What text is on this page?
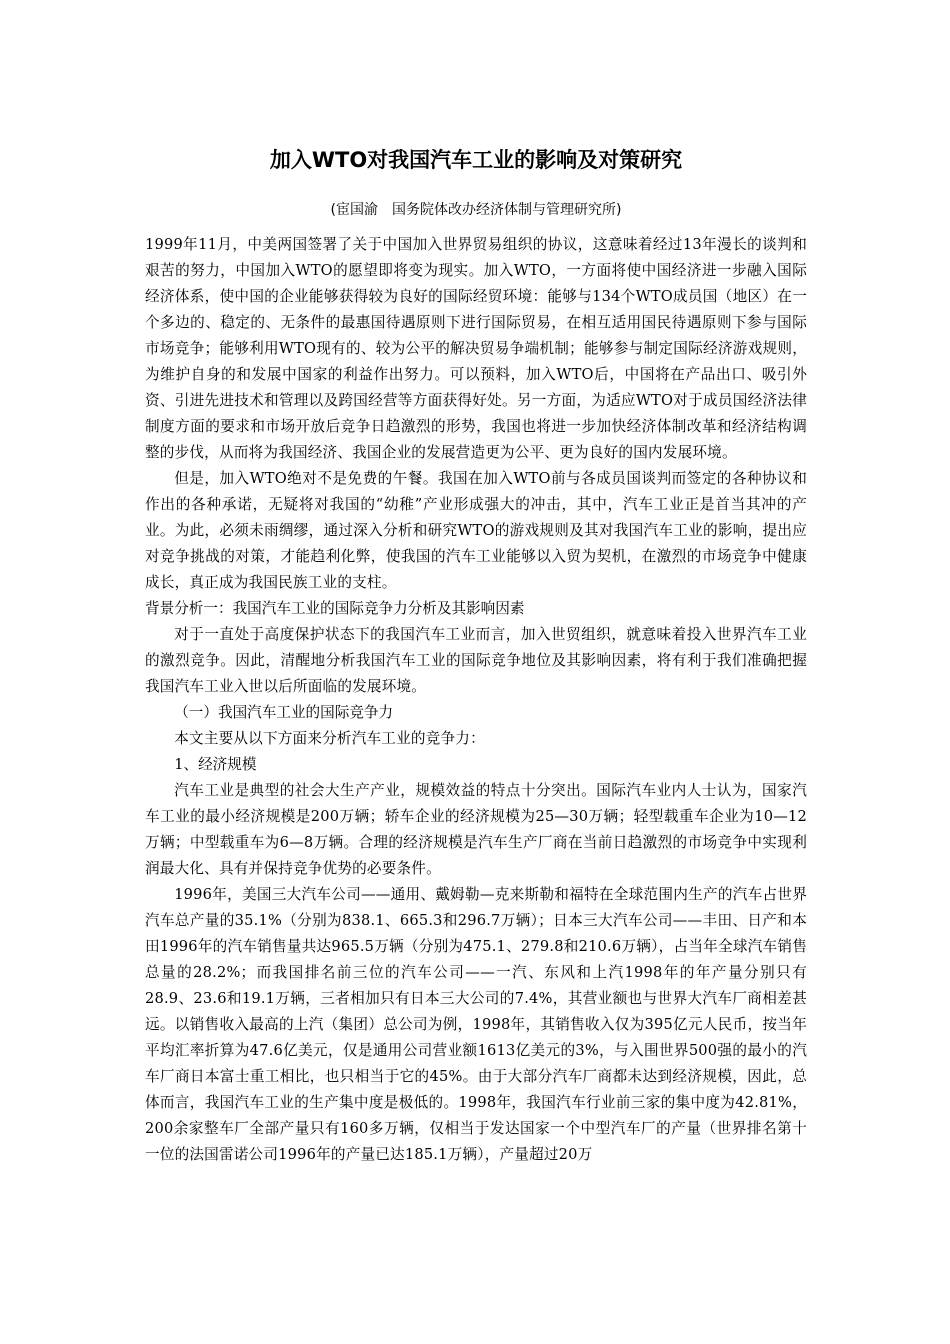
加入WTO对我国汽车工业的影响及对策研究
(宦国渝　国务院体改办经济体制与管理研究所)

1999年11月，中美两国签署了关于中国加入世界贸易组织的协议，这意味着经过13年漫长的谈判和艰苦的努力，中国加入WTO的愿望即将变为现实。加入WTO，一方面将使中国经济进一步融入国际经济体系，使中国的企业能够获得较为良好的国际经贸环境：能够与134个WTO成员国（地区）在一个多边的、稳定的、无条件的最惠国待遇原则下进行国际贸易，在相互适用国民待遇原则下参与国际市场竞争；能够利用WTO现有的、较为公平的解决贸易争端机制；能够参与制定国际经济游戏规则，为维护自身的和发展中国家的利益作出努力。可以预料，加入WTO后，中国将在产品出口、吸引外资、引进先进技术和管理以及跨国经营等方面获得好处。另一方面，为适应WTO对于成员国经济法律制度方面的要求和市场开放后竞争日趋激烈的形势，我国也将进一步加快经济体制改革和经济结构调整的步伐，从而将为我国经济、我国企业的发展营造更为公平、更为良好的国内发展环境。

但是，加入WTO绝对不是免费的午餐。我国在加入WTO前与各成员国谈判而签定的各种协议和作出的各种承诺，无疑将对我国的“幼稚”产业形成强大的冲击，其中，汽车工业正是首当其冲的产业。为此，必须未雨绸缪，通过深入分析和研究WTO的游戏规则及其对我国汽车工业的影响，提出应对竞争挑战的对策，才能趋利化弊，使我国的汽车工业能够以入贸为契机，在激烈的市场竞争中健康成长，真正成为我国民族工业的支柱。

背景分析一：我国汽车工业的国际竞争力分析及其影响因素

对于一直处于高度保护状态下的我国汽车工业而言，加入世贸组织，就意味着投入世界汽车工业的激烈竞争。因此，清醒地分析我国汽车工业的国际竞争地位及其影响因素，将有利于我们准确把握我国汽车工业入世以后所面临的发展环境。

（一）我国汽车工业的国际竞争力

本文主要从以下方面来分析汽车工业的竞争力：

1、经济规模

汽车工业是典型的社会大生产产业，规模效益的特点十分突出。国际汽车业内人士认为，国家汽车工业的最小经济规模是200万辆；轿车企业的经济规模为25—30万辆；轻型载重车企业为10—12万辆；中型载重车为6—8万辆。合理的经济规模是汽车生产厂商在当前日趋激烈的市场竞争中实现利润最大化、具有并保持竞争优势的必要条件。

1996年，美国三大汽车公司——通用、戴姆勒—克来斯勒和福特在全球范围内生产的汽车占世界汽车总产量的35.1%（分别为838.1、665.3和296.7万辆）；日本三大汽车公司——丰田、日产和本田1996年的汽车销售量共达965.5万辆（分别为475.1、279.8和210.6万辆），占当年全球汽车销售总量的28.2%；而我国排名前三位的汽车公司——一汽、东风和上汽1998年的年产量分别只有28.9、23.6和19.1万辆，三者相加只有日本三大公司的7.4%，其营业额也与世界大汽车厂商相差甚远。以销售收入最高的上汽（集团）总公司为例，1998年，其销售收入仅为395亿元人民币，按当年平均汇率折算为47.6亿美元，仅是通用公司营业额1613亿美元的3%，与入围世界500强的最小的汽车厂商日本富士重工相比，也只相当于它的45%。由于大部分汽车厂商都未达到经济规模，因此，总体而言，我国汽车工业的生产集中度是极低的。1998年，我国汽车行业前三家的集中度为42.81%，200余家整车厂全部产量只有160多万辆，仅相当于发达国家一个中型汽车厂的产量（世界排名第十一位的法国雷诺公司1996年的产量已达185.1万辆），产量超过20万
